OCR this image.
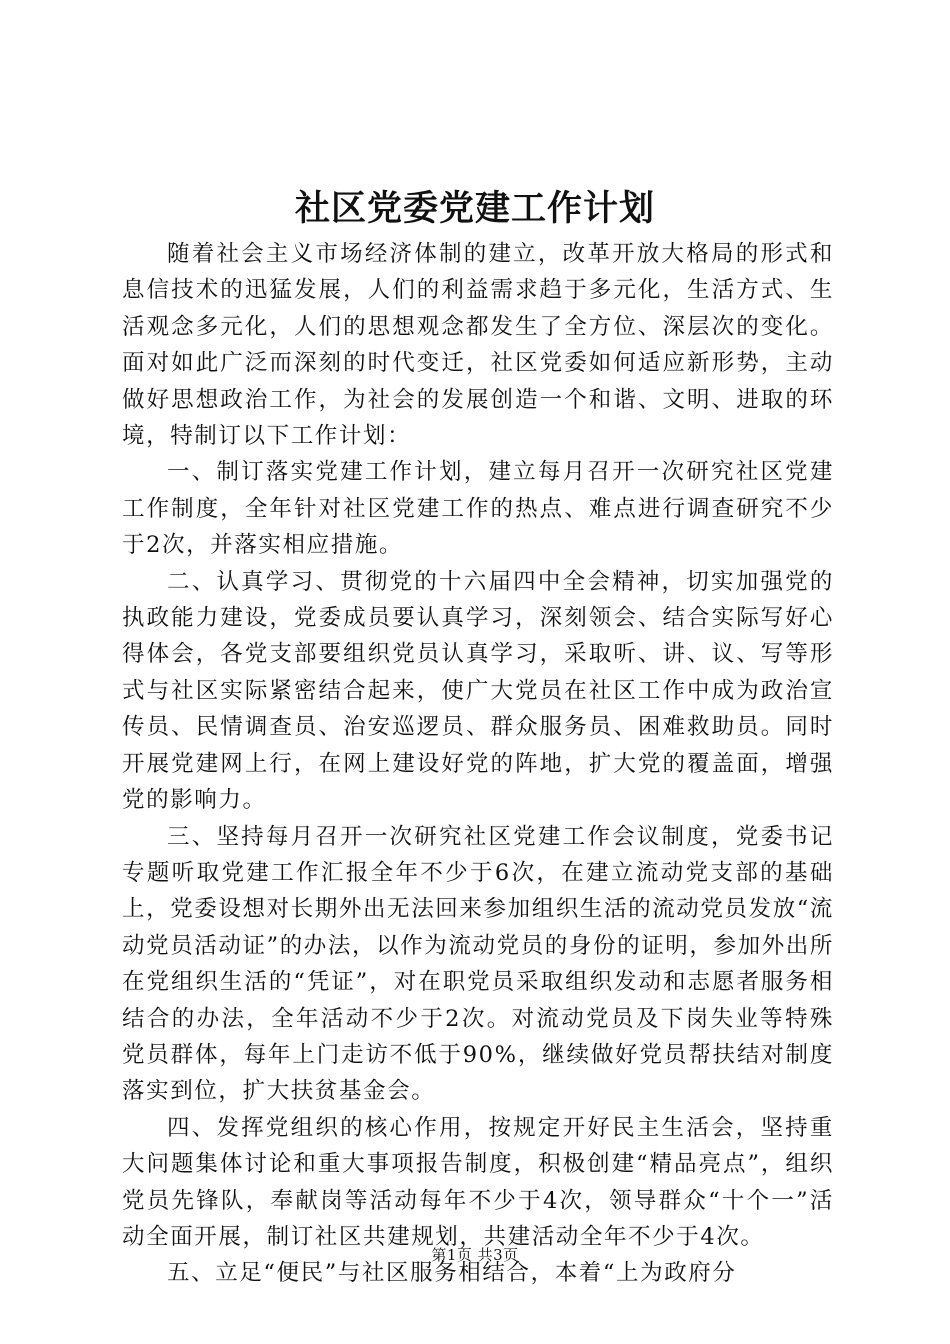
社区党委党建工作计划

随着社会主义市场经济体制的建立，改革开放大格局的形式和息信技术的迅猛发展，人们的利益需求趋于多元化，生活方式、生活观念多元化，人们的思想观念都发生了全方位、深层次的变化。面对如此广泛而深刻的时代变迁，社区党委如何适应新形势，主动做好思想政治工作，为社会的发展创造一个和谐、文明、进取的环境，特制订以下工作计划：

一、制订落实党建工作计划，建立每月召开一次研究社区党建工作制度，全年针对社区党建工作的热点、难点进行调查研究不少于2次，并落实相应措施。

二、认真学习、贯彻党的十六届四中全会精神，切实加强党的执政能力建设，党委成员要认真学习，深刻领会、结合实际写好心得体会，各党支部要组织党员认真学习，采取听、讲、议、写等形式与社区实际紧密结合起来，使广大党员在社区工作中成为政治宣传员、民情调查员、治安巡逻员、群众服务员、困难救助员。同时开展党建网上行，在网上建设好党的阵地，扩大党的覆盖面，增强党的影响力。

三、坚持每月召开一次研究社区党建工作会议制度，党委书记专题听取党建工作汇报全年不少于6次，在建立流动党支部的基础上，党委设想对长期外出无法回来参加组织生活的流动党员发放“流动党员活动证”的办法，以作为流动党员的身份的证明，参加外出所在党组织生活的“凭证”，对在职党员采取组织发动和志愿者服务相结合的办法，全年活动不少于2次。对流动党员及下岗失业等特殊党员群体，每年上门走访不低于90%，继续做好党员帮扶结对制度落实到位，扩大扶贫基金会。

四、发挥党组织的核心作用，按规定开好民主生活会，坚持重大问题集体讨论和重大事项报告制度，积极创建“精品亮点”，组织党员先锋队，奉献岗等活动每年不少于4次，领导群众“十个一”活动全面开展，制订社区共建规划，共建活动全年不少于4次。

五、立足“便民”与社区服务相结合，本着“上为政府分

第1页 共3页
